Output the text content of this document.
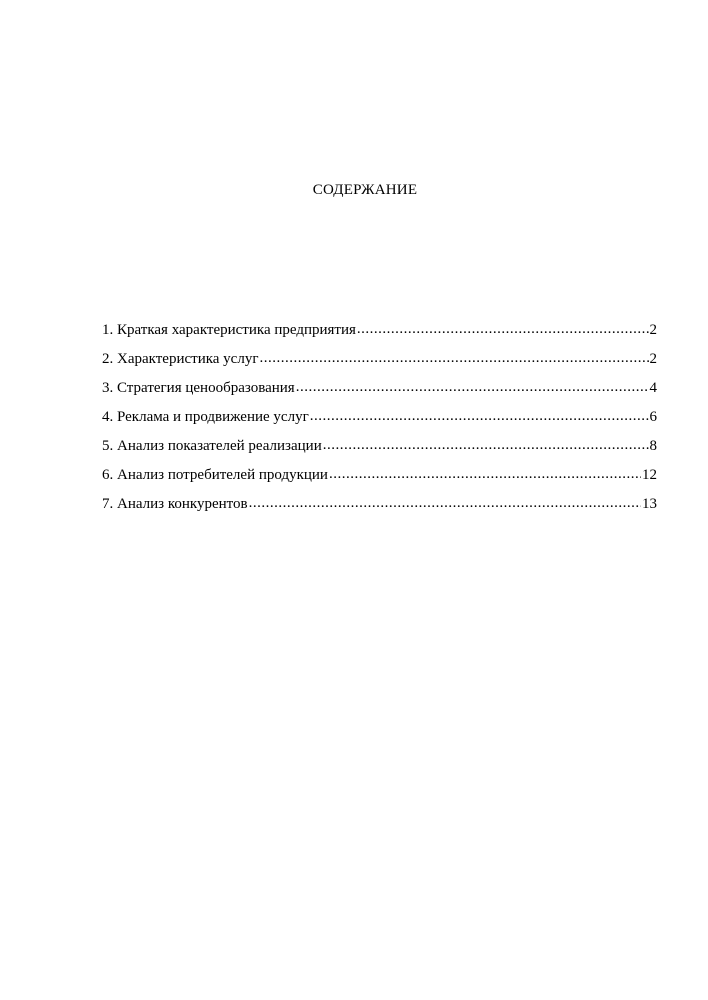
СОДЕРЖАНИЕ
1. Краткая характеристика предприятия .....	2
2. Характеристика услуг .....	2
3. Стратегия ценообразования .....	4
4. Реклама и продвижение услуг .....	6
5. Анализ показателей реализации .....	8
6. Анализ потребителей продукции .....	12
7. Анализ конкурентов .....	13
